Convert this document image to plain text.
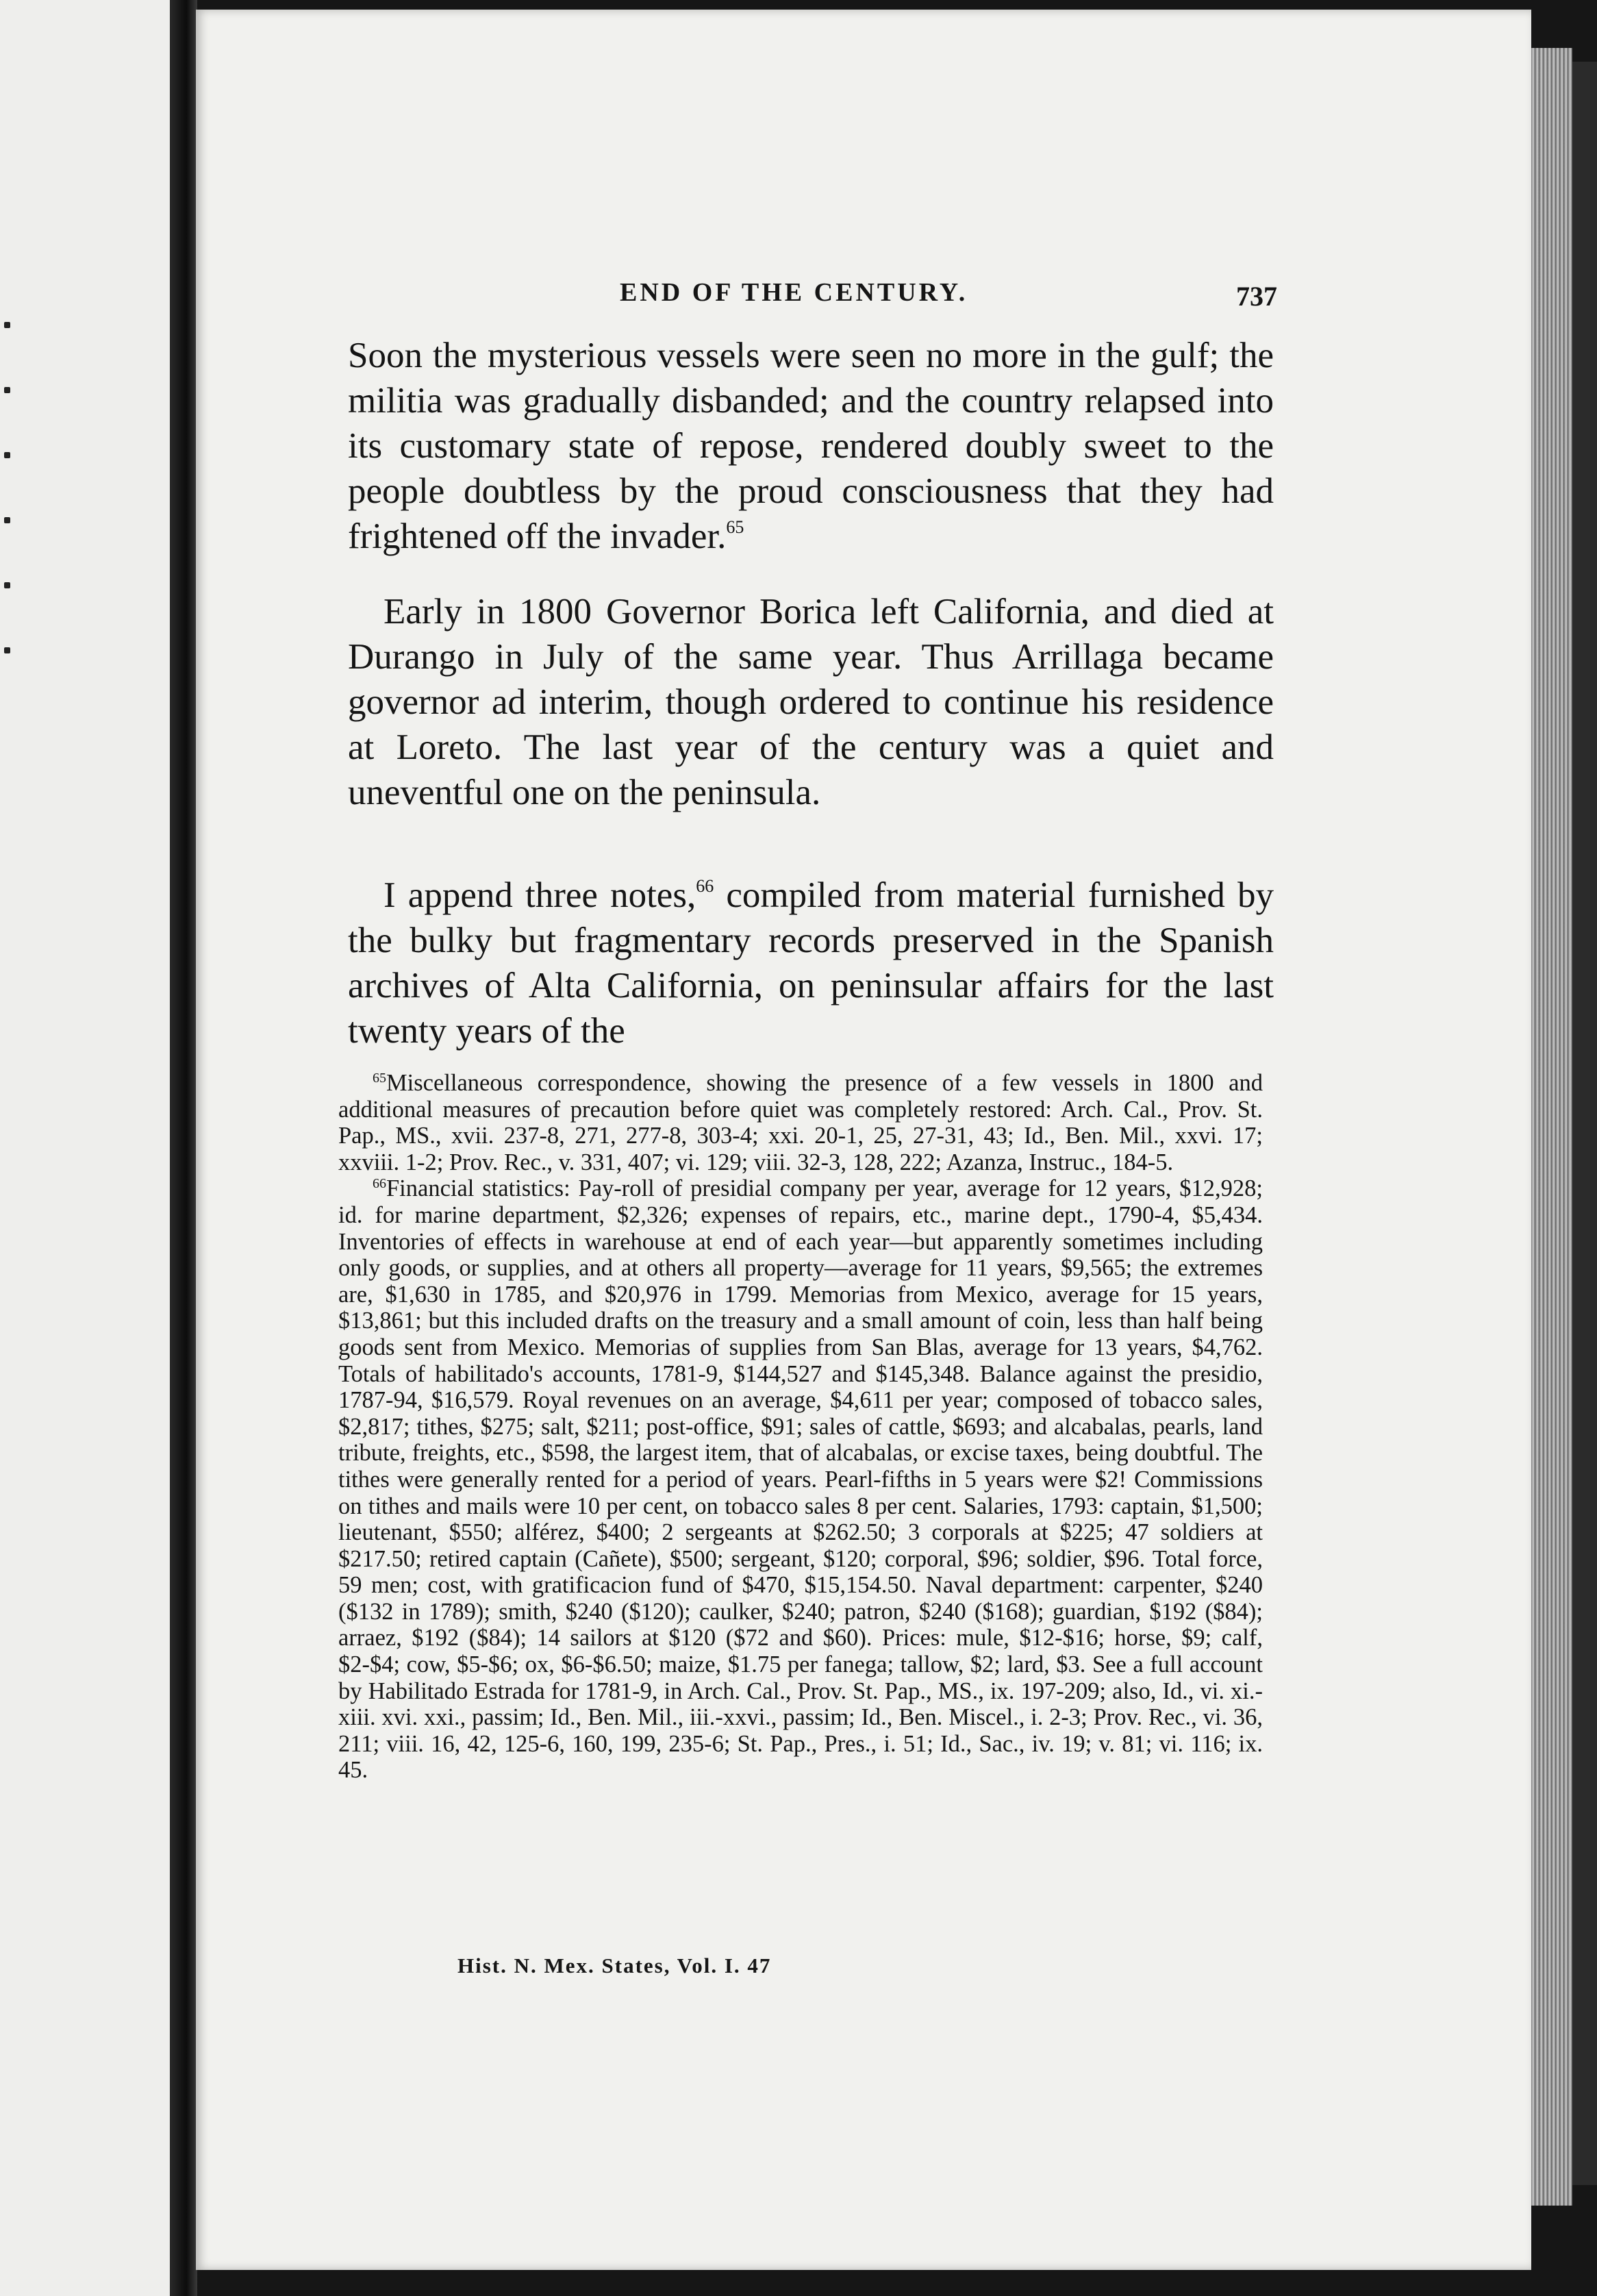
END OF THE CENTURY.	737

Soon the mysterious vessels were seen no more in the gulf; the militia was gradually disbanded; and the country relapsed into its customary state of repose, rendered doubly sweet to the people doubtless by the proud consciousness that they had frightened off the invader.$^{65}$

Early in 1800 Governor Borica left California, and died at Durango in July of the same year. Thus Arrillaga became governor ad interim, though ordered to continue his residence at Loreto. The last year of the century was a quiet and uneventful one on the peninsula.

I append three notes,$^{66}$ compiled from material furnished by the bulky but fragmentary records preserved in the Spanish archives of Alta California, on peninsular affairs for the last twenty years of the

$^{65}$Miscellaneous correspondence, showing the presence of a few vessels in 1800 and additional measures of precaution before quiet was completely restored: Arch. Cal., Prov. St. Pap., MS., xvii. 237-8, 271, 277-8, 303-4; xxi. 20-1, 25, 27-31, 43; Id., Ben. Mil., xxvi. 17; xxviii. 1-2; Prov. Rec., v. 331, 407; vi. 129; viii. 32-3, 128, 222; Azanza, Instruc., 184-5.

$^{66}$Financial statistics: Pay-roll of presidial company per year, average for 12 years, $12,928; id. for marine department, $2,326; expenses of repairs, etc., marine dept., 1790-4, $5,434. Inventories of effects in warehouse at end of each year—but apparently sometimes including only goods, or supplies, and at others all property—average for 11 years, $9,565; the extremes are, $1,630 in 1785, and $20,976 in 1799. Memorias from Mexico, average for 15 years, $13,861; but this included drafts on the treasury and a small amount of coin, less than half being goods sent from Mexico. Memorias of supplies from San Blas, average for 13 years, $4,762. Totals of habilitado's accounts, 1781-9, $144,527 and $145,348. Balance against the presidio, 1787-94, $16,579. Royal revenues on an average, $4,611 per year; composed of tobacco sales, $2,817; tithes, $275; salt, $211; post-office, $91; sales of cattle, $693; and alcabalas, pearls, land tribute, freights, etc., $598, the largest item, that of alcabalas, or excise taxes, being doubtful. The tithes were generally rented for a period of years. Pearl-fifths in 5 years were $2! Commissions on tithes and mails were 10 per cent, on tobacco sales 8 per cent. Salaries, 1793: captain, $1,500; lieutenant, $550; alférez, $400; 2 sergeants at $262.50; 3 corporals at $225; 47 soldiers at $217.50; retired captain (Cañete), $500; sergeant, $120; corporal, $96; soldier, $96. Total force, 59 men; cost, with gratificacion fund of $470, $15,154.50. Naval department: carpenter, $240 ($132 in 1789); smith, $240 ($120); caulker, $240; patron, $240 ($168); guardian, $192 ($84); arraez, $192 ($84); 14 sailors at $120 ($72 and $60). Prices: mule, $12-$16; horse, $9; calf, $2-$4; cow, $5-$6; ox, $6-$6.50; maize, $1.75 per fanega; tallow, $2; lard, $3. See a full account by Habilitado Estrada for 1781-9, in Arch. Cal., Prov. St. Pap., MS., ix. 197-209; also, Id., vi. xi.-xiii. xvi. xxi., passim; Id., Ben. Mil., iii.-xxvi., passim; Id., Ben. Miscel., i. 2-3; Prov. Rec., vi. 36, 211; viii. 16, 42, 125-6, 160, 199, 235-6; St. Pap., Pres., i. 51; Id., Sac., iv. 19; v. 81; vi. 116; ix. 45.

Hist. N. Mex. States, Vol. I. 47
